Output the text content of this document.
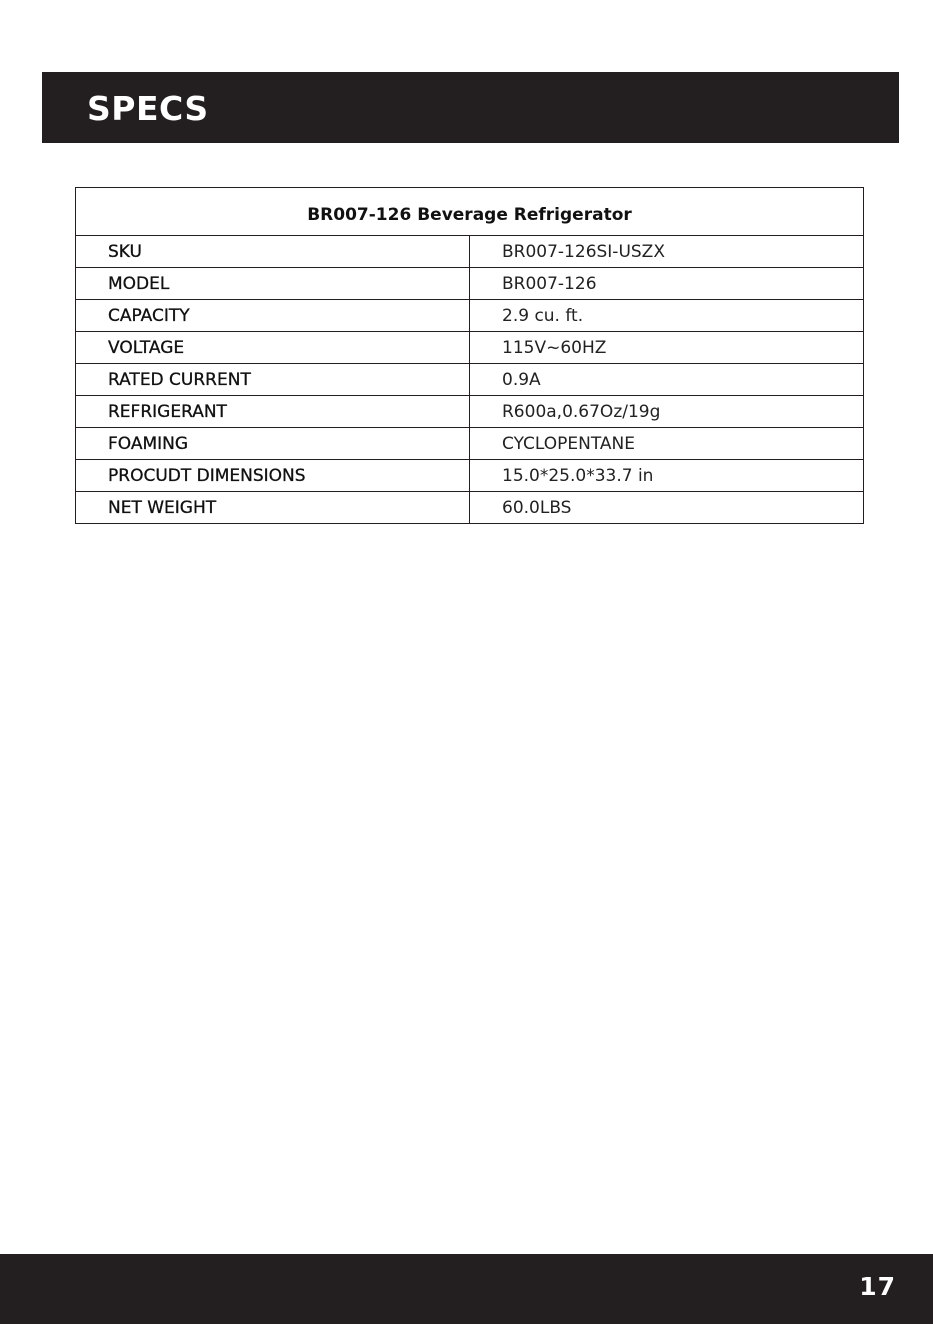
SPECS
BR007-126 Beverage Refrigerator	
SKU	BR007-126SI-USZX
MODEL	BR007-126
CAPACITY	2.9 cu. ft.
VOLTAGE	115V~60HZ
RATED CURRENT	0.9A
REFRIGERANT	R600a,0.67Oz/19g
FOAMING	CYCLOPENTANE
PROCUDT DIMENSIONS	15.0*25.0*33.7 in
NET WEIGHT	60.0LBS
17
